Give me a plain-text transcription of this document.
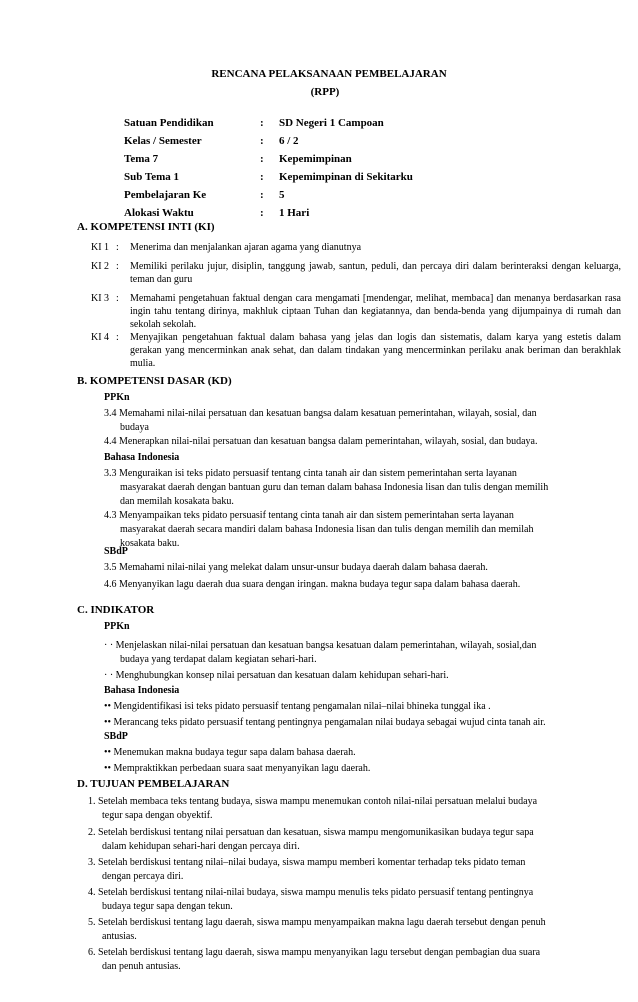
RENCANA PELAKSANAAN PEMBELAJARAN
(RPP)
Satuan Pendidikan	: SD Negeri 1 Campoan
Kelas / Semester	: 6 / 2
Tema 7	: Kepemimpinan
Sub Tema 1	: Kepemimpinan di Sekitarku
Pembelajaran Ke	: 5
Alokasi Waktu	: 1 Hari
A. KOMPETENSI INTI (KI)
KI 1 : Menerima dan menjalankan ajaran agama yang dianutnya
KI 2 : Memiliki perilaku jujur, disiplin, tanggung jawab, santun, peduli, dan percaya diri dalam berinteraksi dengan keluarga, teman dan guru
KI 3 : Memahami pengetahuan faktual dengan cara mengamati [mendengar, melihat, membaca] dan menanya berdasarkan rasa ingin tahu tentang dirinya, makhluk ciptaan Tuhan dan kegiatannya, dan benda-benda yang dijumpainya di rumah dan sekolah sekolah.
KI 4 : Menyajikan pengetahuan faktual dalam bahasa yang jelas dan logis dan sistematis, dalam karya yang estetis dalam gerakan yang mencerminkan anak sehat, dan dalam tindakan yang mencerminkan perilaku anak beriman dan berakhlak mulia.
B. KOMPETENSI DASAR (KD)
PPKn
3.4 Memahami nilai-nilai persatuan dan kesatuan bangsa dalam kesatuan pemerintahan, wilayah, sosial, dan
budaya
4.4 Menerapkan nilai-nilai persatuan dan kesatuan bangsa dalam pemerintahan, wilayah, sosial, dan budaya.
Bahasa Indonesia
3.3 Menguraikan isi teks pidato persuasif tentang cinta tanah air dan sistem pemerintahan serta layanan
masyarakat daerah dengan bantuan guru dan teman dalam bahasa Indonesia lisan dan tulis dengan memilih
dan memilah kosakata baku.
4.3 Menyampaikan teks pidato persuasif tentang cinta tanah air dan sistem pemerintahan serta layanan
masyarakat daerah secara mandiri dalam bahasa Indonesia lisan dan tulis dengan memilih dan memilah
kosakata baku.
SBdP
3.5 Memahami nilai-nilai yang melekat dalam unsur-unsur budaya daerah dalam bahasa daerah.
4.6 Menyanyikan lagu daerah dua suara dengan iringan. makna budaya tegur sapa dalam bahasa daerah.
C. INDIKATOR
PPKn
· · Menjelaskan nilai-nilai persatuan dan kesatuan bangsa kesatuan dalam pemerintahan, wilayah, sosial,dan
budaya yang terdapat dalam kegiatan sehari-hari.
· · Menghubungkan konsep nilai persatuan dan kesatuan dalam kehidupan sehari-hari.
Bahasa Indonesia
•• Mengidentifikasi isi teks pidato persuasif tentang pengamalan nilai–nilai bhineka tunggal ika .
•• Merancang teks pidato persuasif tentang pentingnya pengamalan nilai budaya sebagai wujud cinta tanah air.
SBdP
•• Menemukan makna budaya tegur sapa dalam bahasa daerah.
•• Mempraktikkan perbedaan suara saat menyanyikan lagu daerah.
D. TUJUAN PEMBELAJARAN
1. Setelah membaca teks tentang budaya, siswa mampu menemukan contoh nilai-nilai persatuan melalui budaya
tegur sapa dengan obyektif.
2. Setelah berdiskusi tentang nilai persatuan dan kesatuan, siswa mampu mengomunikasikan budaya tegur sapa
dalam kehidupan sehari-hari dengan percaya diri.
3. Setelah berdiskusi tentang nilai–nilai budaya, siswa mampu memberi komentar terhadap teks pidato teman
dengan percaya diri.
4. Setelah berdiskusi tentang nilai-nilai budaya, siswa mampu menulis teks pidato persuasif tentang pentingnya
budaya tegur sapa dengan tekun.
5. Setelah berdiskusi tentang lagu daerah, siswa mampu menyampaikan makna lagu daerah tersebut dengan penuh
antusias.
6. Setelah berdiskusi tentang lagu daerah, siswa mampu menyanyikan lagu tersebut dengan pembagian dua suara
dan penuh antusias.
